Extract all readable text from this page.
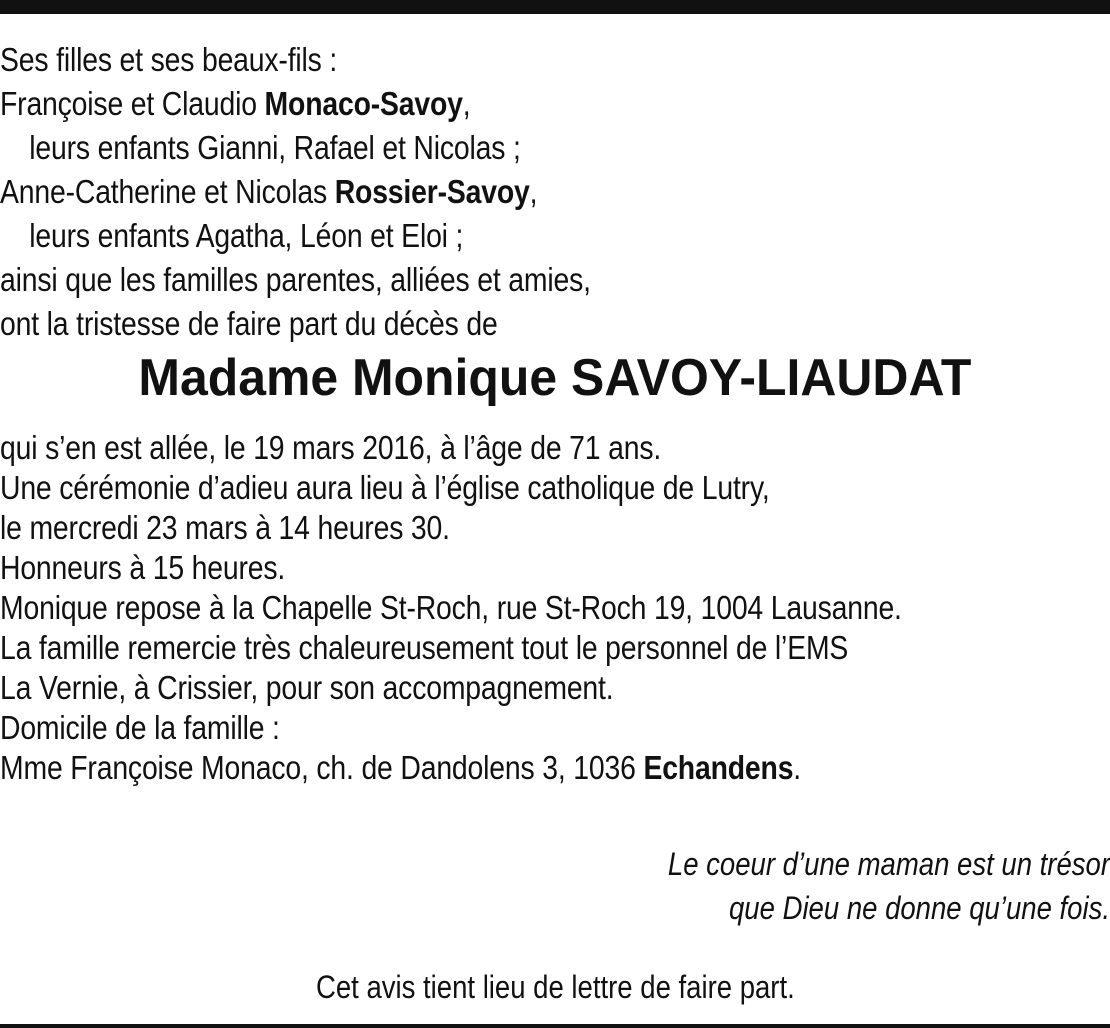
Ses filles et ses beaux-fils :
Françoise et Claudio Monaco-Savoy,
leurs enfants Gianni, Rafael et Nicolas ;
Anne-Catherine et Nicolas Rossier-Savoy,
leurs enfants Agatha, Léon et Eloi ;
ainsi que les familles parentes, alliées et amies,
ont la tristesse de faire part du décès de
Madame Monique SAVOY-LIAUDAT
qui s’en est allée, le 19 mars 2016, à l’âge de 71 ans.
Une cérémonie d’adieu aura lieu à l’église catholique de Lutry,
le mercredi 23 mars à 14 heures 30.
Honneurs à 15 heures.
Monique repose à la Chapelle St-Roch, rue St-Roch 19, 1004 Lausanne.
La famille remercie très chaleureusement tout le personnel de l’EMS
La Vernie, à Crissier, pour son accompagnement.
Domicile de la famille :
Mme Françoise Monaco, ch. de Dandolens 3, 1036 Echandens.
Le coeur d’une maman est un trésor
que Dieu ne donne qu’une fois.
Cet avis tient lieu de lettre de faire part.
